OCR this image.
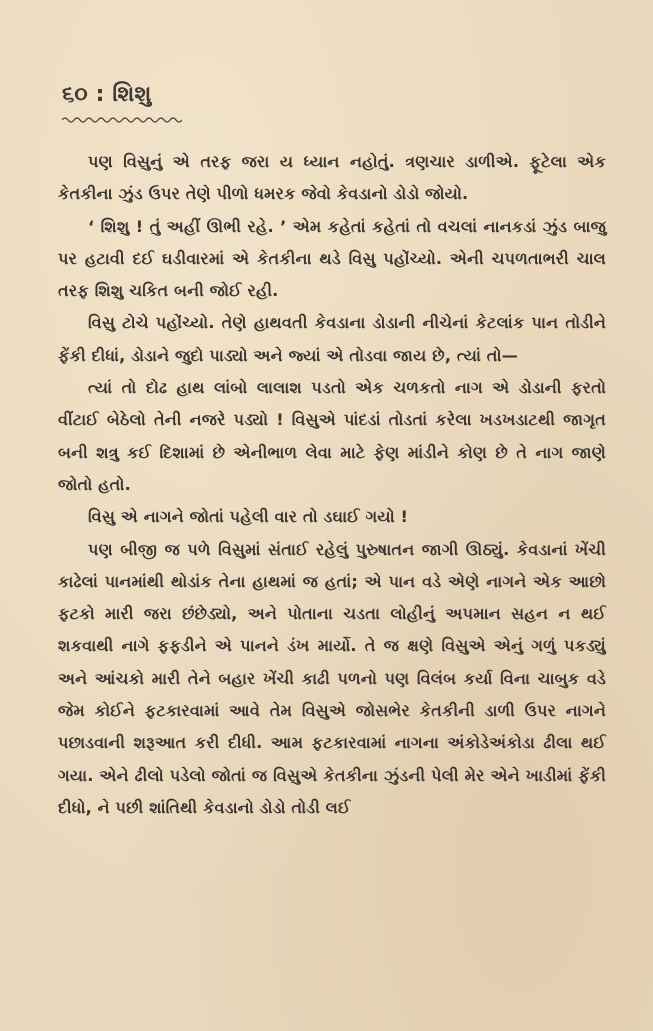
૬૦ : શિશુ

પણ વિસુનું એ તરફ જરા ય ધ્યાન નહોતું. ત્રણચાર ડાળીએ. ફૂટેલા એક કેતકીના ઝુંડ ઉપર તેણે પીળો ધમરક જેવો કેવડાનો ડોડો જોયો.

‘ શિશુ ! તું અહીં ઊભી રહે. ’ એમ કહેતાં કહેતાં તો વચલાં નાનકડાં ઝુંડ બાજુ પર હટાવી દઈ ઘડીવારમાં એ કેતકીના થડે વિસુ પહોંચ્યો. એની ચપળતાભરી ચાલ તરફ શિશુ ચકિત બની જોઈ રહી.

વિસુ ટોચે પહોંચ્યો. તેણે હાથવતી કેવડાના ડોડાની નીચેનાં કેટલાંક પાન તોડીને ફેંકી દીધાં, ડોડાને જુદો પાડ્યો અને જ્યાં એ તોડવા જાય છે, ત્યાં તો—

ત્યાં તો દોઢ હાથ લાંબો લાલાશ પડતો એક ચળકતો નાગ એ ડોડાની ફરતો વીંટાઈ બેઠેલો તેની નજરે પડ્યો ! વિસુએ પાંદડાં તોડતાં કરેલા ખડખડાટથી જાગૃત બની શત્રુ કઈ દિશામાં છે એનીભાળ લેવા માટે ફેણ માંડીને કોણ છે તે નાગ જાણે જોતો હતો.

વિસુ એ નાગને જોતાં પહેલી વાર તો ડઘાઈ ગયો !

પણ બીજી જ પળે વિસુમાં સંતાઈ રહેલું પુરુષાતન જાગી ઊઠ્યું. કેવડાનાં ખેંચી કાઢેલાં પાનમાંથી થોડાંક તેના હાથમાં જ હતાં; એ પાન વડે એણે નાગને એક આછો ફટકો મારી જરા છંછેડ્યો, અને પોતાના ચડતા લોહીનું અપમાન સહન ન થઈ શકવાથી નાગે ફફડીને એ પાનને ડંખ માર્યો. તે જ ક્ષણે વિસુએ એનું ગળું પકડ્યું અને આંચકો મારી તેને બહાર ખેંચી કાઢી પળનો પણ વિલંબ કર્યા વિના ચાબુક વડે જેમ કોઈને ફટકારવામાં આવે તેમ વિસુએ જોસભેર કેતકીની ડાળી ઉપર નાગને પછાડવાની શરૂઆત કરી દીધી. આમ ફટકારવામાં નાગના અંકોડેઅંકોડા ઢીલા થઈ ગયા. એને ઢીલો પડેલો જોતાં જ વિસુએ કેતકીના ઝુંડની પેલી મેર એને ખાડીમાં ફેંકી દીધો, ને પછી શાંતિથી કેવડાનો ડોડો તોડી લઈ
